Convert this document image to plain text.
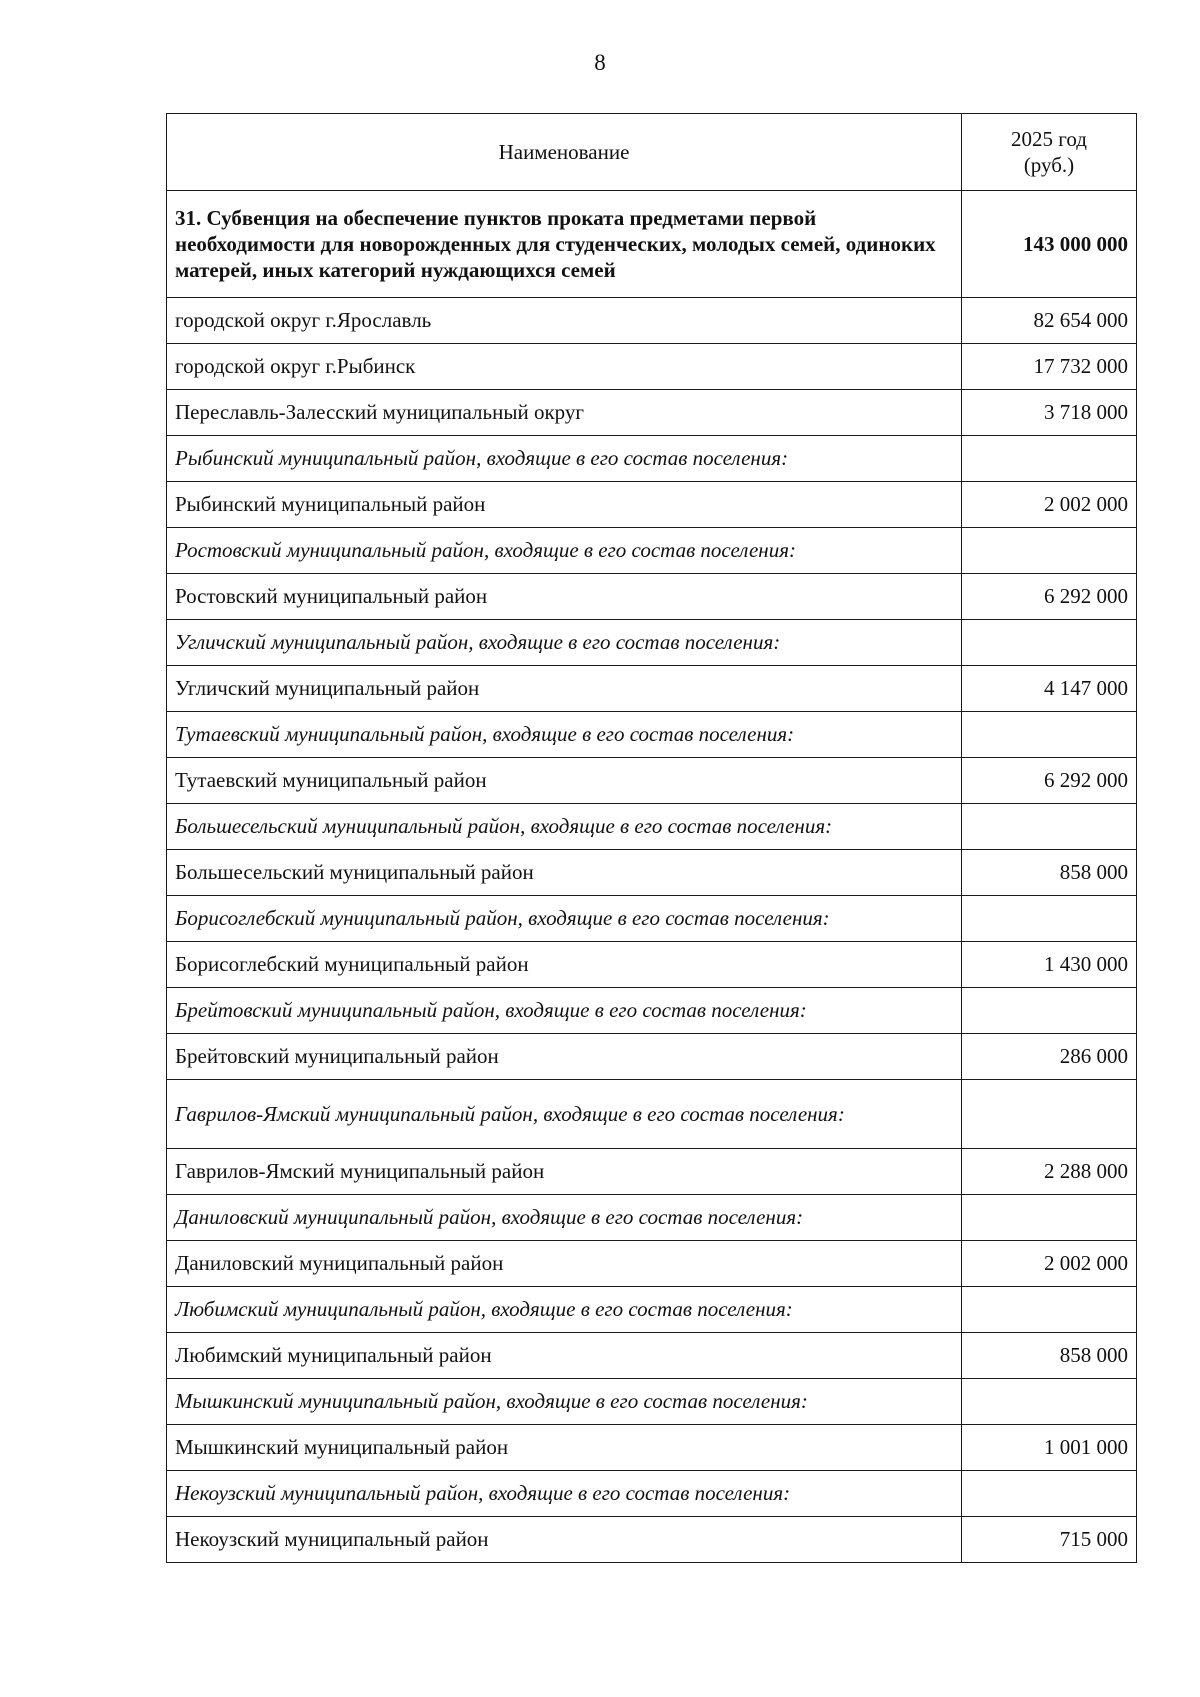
8
Наименование	2025 год
(руб.)
31. Субвенция на обеспечение пунктов проката предметами первой необходимости для новорожденных для студенческих, молодых семей, одиноких матерей, иных категорий нуждающихся семей	143 000 000
городской округ г.Ярославль	82 654 000
городской округ г.Рыбинск	17 732 000
Переславль-Залесский муниципальный округ	3 718 000
Рыбинский муниципальный район, входящие в его состав поселения:	
Рыбинский муниципальный район	2 002 000
Ростовский муниципальный район, входящие в его состав поселения:	
Ростовский муниципальный район	6 292 000
Угличский муниципальный район, входящие в его состав поселения:	
Угличский муниципальный район	4 147 000
Тутаевский муниципальный район, входящие в его состав поселения:	
Тутаевский муниципальный район	6 292 000
Большесельский муниципальный район, входящие в его состав поселения:	
Большесельский муниципальный район	858 000
Борисоглебский муниципальный район, входящие в его состав поселения:	
Борисоглебский муниципальный район	1 430 000
Брейтовский муниципальный район, входящие в его состав поселения:	
Брейтовский муниципальный район	286 000
Гаврилов-Ямский муниципальный район, входящие в его состав поселения:	
Гаврилов-Ямский муниципальный район	2 288 000
Даниловский муниципальный район, входящие в его состав поселения:	
Даниловский муниципальный район	2 002 000
Любимский муниципальный район, входящие в его состав поселения:	
Любимский муниципальный район	858 000
Мышкинский муниципальный район, входящие в его состав поселения:	
Мышкинский муниципальный район	1 001 000
Некоузский муниципальный район, входящие в его состав поселения:	
Некоузский муниципальный район	715 000
